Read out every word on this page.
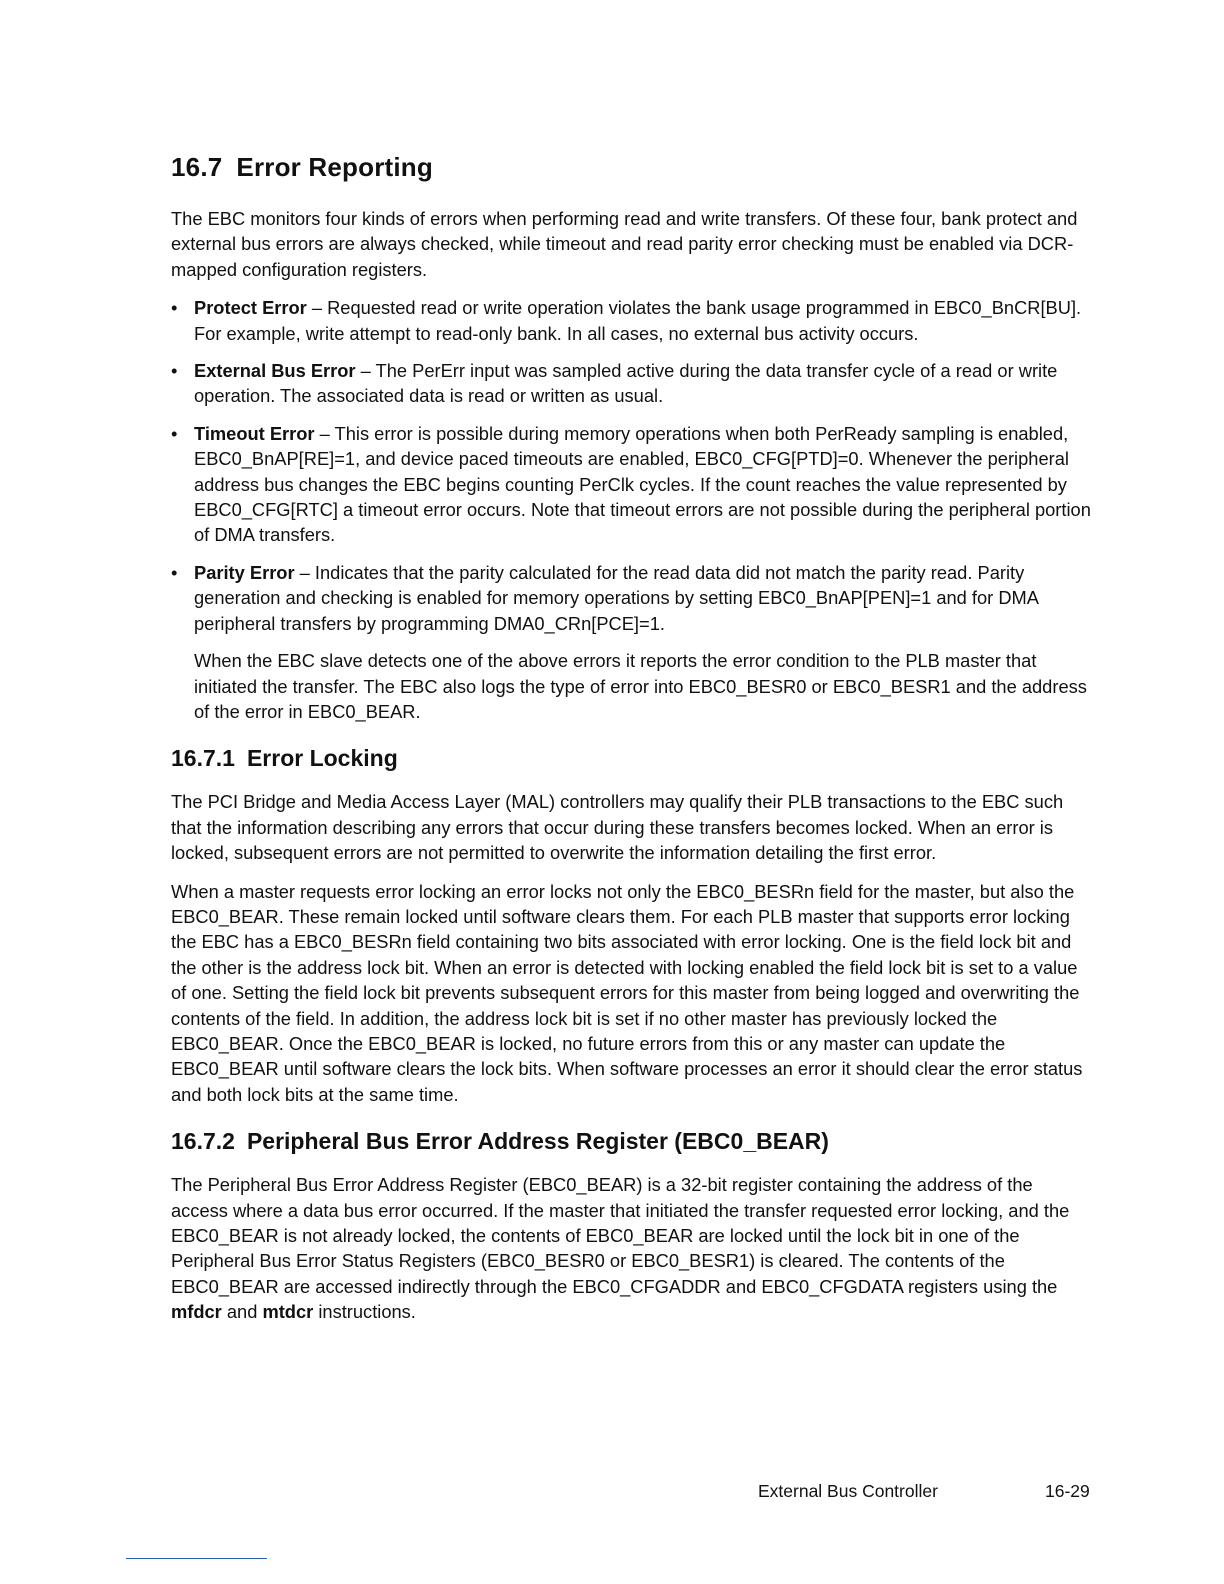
16.7 Error Reporting

The EBC monitors four kinds of errors when performing read and write transfers. Of these four, bank protect and external bus errors are always checked, while timeout and read parity error checking must be enabled via DCR-mapped configuration registers.

• Protect Error – Requested read or write operation violates the bank usage programmed in EBC0_BnCR[BU]. For example, write attempt to read-only bank. In all cases, no external bus activity occurs.
• External Bus Error – The PerErr input was sampled active during the data transfer cycle of a read or write operation. The associated data is read or written as usual.
• Timeout Error – This error is possible during memory operations when both PerReady sampling is enabled, EBC0_BnAP[RE]=1, and device paced timeouts are enabled, EBC0_CFG[PTD]=0. Whenever the peripheral address bus changes the EBC begins counting PerClk cycles. If the count reaches the value represented by EBC0_CFG[RTC] a timeout error occurs. Note that timeout errors are not possible during the peripheral portion of DMA transfers.
• Parity Error – Indicates that the parity calculated for the read data did not match the parity read. Parity generation and checking is enabled for memory operations by setting EBC0_BnAP[PEN]=1 and for DMA peripheral transfers by programming DMA0_CRn[PCE]=1.

When the EBC slave detects one of the above errors it reports the error condition to the PLB master that initiated the transfer. The EBC also logs the type of error into EBC0_BESR0 or EBC0_BESR1 and the address of the error in EBC0_BEAR.

16.7.1 Error Locking

The PCI Bridge and Media Access Layer (MAL) controllers may qualify their PLB transactions to the EBC such that the information describing any errors that occur during these transfers becomes locked. When an error is locked, subsequent errors are not permitted to overwrite the information detailing the first error.

When a master requests error locking an error locks not only the EBC0_BESRn field for the master, but also the EBC0_BEAR. These remain locked until software clears them. For each PLB master that supports error locking the EBC has a EBC0_BESRn field containing two bits associated with error locking. One is the field lock bit and the other is the address lock bit. When an error is detected with locking enabled the field lock bit is set to a value of one. Setting the field lock bit prevents subsequent errors for this master from being logged and overwriting the contents of the field. In addition, the address lock bit is set if no other master has previously locked the EBC0_BEAR. Once the EBC0_BEAR is locked, no future errors from this or any master can update the EBC0_BEAR until software clears the lock bits. When software processes an error it should clear the error status and both lock bits at the same time.

16.7.2 Peripheral Bus Error Address Register (EBC0_BEAR)

The Peripheral Bus Error Address Register (EBC0_BEAR) is a 32-bit register containing the address of the access where a data bus error occurred. If the master that initiated the transfer requested error locking, and the EBC0_BEAR is not already locked, the contents of EBC0_BEAR are locked until the lock bit in one of the Peripheral Bus Error Status Registers (EBC0_BESR0 or EBC0_BESR1) is cleared. The contents of the EBC0_BEAR are accessed indirectly through the EBC0_CFGADDR and EBC0_CFGDATA registers using the mfdcr and mtdcr instructions.

External Bus Controller	16-29
